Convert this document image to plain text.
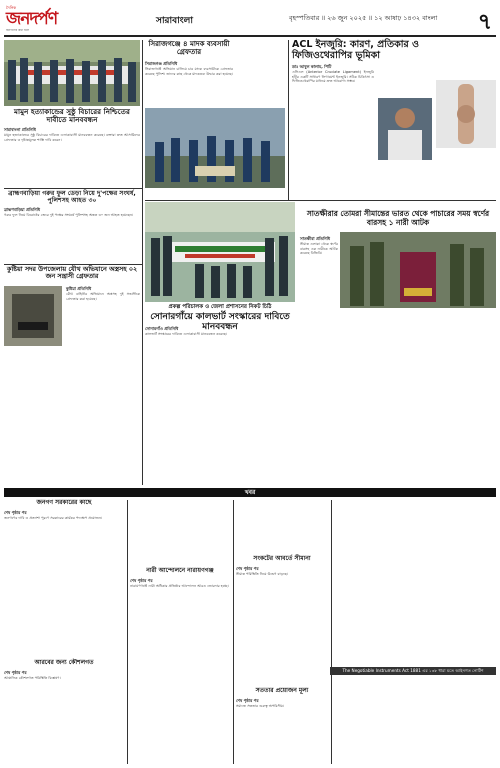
দৈনিক
জনদর্পণ
জনগণের কথা বলে
সারাবাংলা	বৃহস্পতিবার ॥ ২৬ জুন ২০২৫ ॥ ১২ আষাঢ় ১৪৩২ বাংলা ৭
মামুন হত্যাকান্ডের সুষ্ঠু বিচারের নিশ্চিতের দাবীতে মানববন্ধন
সারাবাংলা প্রতিনিধি

মামুন হত্যাকান্ডের সুষ্ঠু বিচারের দাবিতে এলাকাবাসী মানববন্ধন করেছে। বক্তারা দ্রুত আসামিদের গ্রেফতার ও দৃষ্টান্তমূলক শাস্তি দাবি করেন।

সিরাজগঞ্জে ৪ মাদক ব্যবসায়ী গ্রেফতার
সিরাজগঞ্জ প্রতিনিধি

সিরাজগঞ্জে অভিযান চালিয়ে চার মাদক ব্যবসায়ীকে গ্রেফতার করেছে পুলিশ। তাদের কাছ থেকে মাদকদ্রব্য উদ্ধার করা হয়েছে।

ACL ইনজুরি: কারণ, প্রতিকার ও ফিজিওথেরাপির ভূমিকা
ডাঃ আবুল কালাম, পিটি

এসিএল (Anterior Cruciate Ligament) ইনজুরি হাঁটুর একটি সাধারণ লিগামেন্ট ইনজুরি। সঠিক চিকিৎসা ও ফিজিওথেরাপির মাধ্যমে দ্রুত আরোগ্য সম্ভব।

ব্রাহ্মণবাড়িয়া গরুর ফুল ডেড়া নিয়ে দু'পক্ষের সংঘর্ষ, পুলিশসহ আহত ৩০
ব্রাহ্মণবাড়িয়া প্রতিনিধি

গরুর ফুল নিয়ে বিরোধের জেরে দুই পক্ষের সংঘর্ষে পুলিশসহ অন্তত ৩০ জন আহত হয়েছেন।

প্রকল্প পরিচালক ও জেলা প্রশাসনের নিকট চিঠি
সোনারগাঁয়ে কালভার্ট সংস্কারের দাবিতে মানববন্ধন
সোনারগাঁও প্রতিনিধি

কালভার্ট সংস্কারের দাবিতে এলাকাবাসী মানববন্ধন করেছে।

সাতক্ষীরার তোমরা সীমান্তের ভারত থেকে পাচারের সময় স্বর্ণের বারসহ ১ নারী আটক
সাতক্ষীরা প্রতিনিধি

সীমান্ত এলাকা থেকে স্বর্ণের বারসহ এক নারীকে আটক করেছে বিজিবি।

কুষ্টিয়া সদর উপজেলায় যৌথ অভিযানে অস্ত্রসহ ০২ জন সন্ত্রাসী গ্রেফতার
কুষ্টিয়া প্রতিনিধি

যৌথ বাহিনীর অভিযানে অস্ত্রসহ দুই সন্ত্রাসীকে গ্রেফতার করা হয়েছে।

খবর
জনগণ সরকারের কাছে
শেষ পৃষ্ঠার পর

জনগণের দাবি ও প্রত্যাশা পূরণে সরকারের কার্যকর পদক্ষেপ প্রয়োজন।

আরবের জন্য কৌশলগত
শেষ পৃষ্ঠার পর

আঞ্চলিক কৌশলগত পরিস্থিতি বিশ্লেষণ।

নারী আন্দোলনে নারায়ণগঞ্জ
শেষ পৃষ্ঠার পর

নারায়ণগঞ্জে নারী অধিকার প্রতিষ্ঠার আন্দোলন আরও জোরদার হচ্ছে।

সংকটের আবর্তে সীমানা
শেষ পৃষ্ঠার পর

সীমান্ত পরিস্থিতি নিয়ে উদ্বেগ বাড়ছে।

সততার প্রয়োজন মূল্য
শেষ পৃষ্ঠার পর

সমাজে সততার গুরুত্ব অপরিসীম।

The Negotiable Instruments Act 1881 এর ১৩৮ ধারা মতে আইনগত নোটিশ
